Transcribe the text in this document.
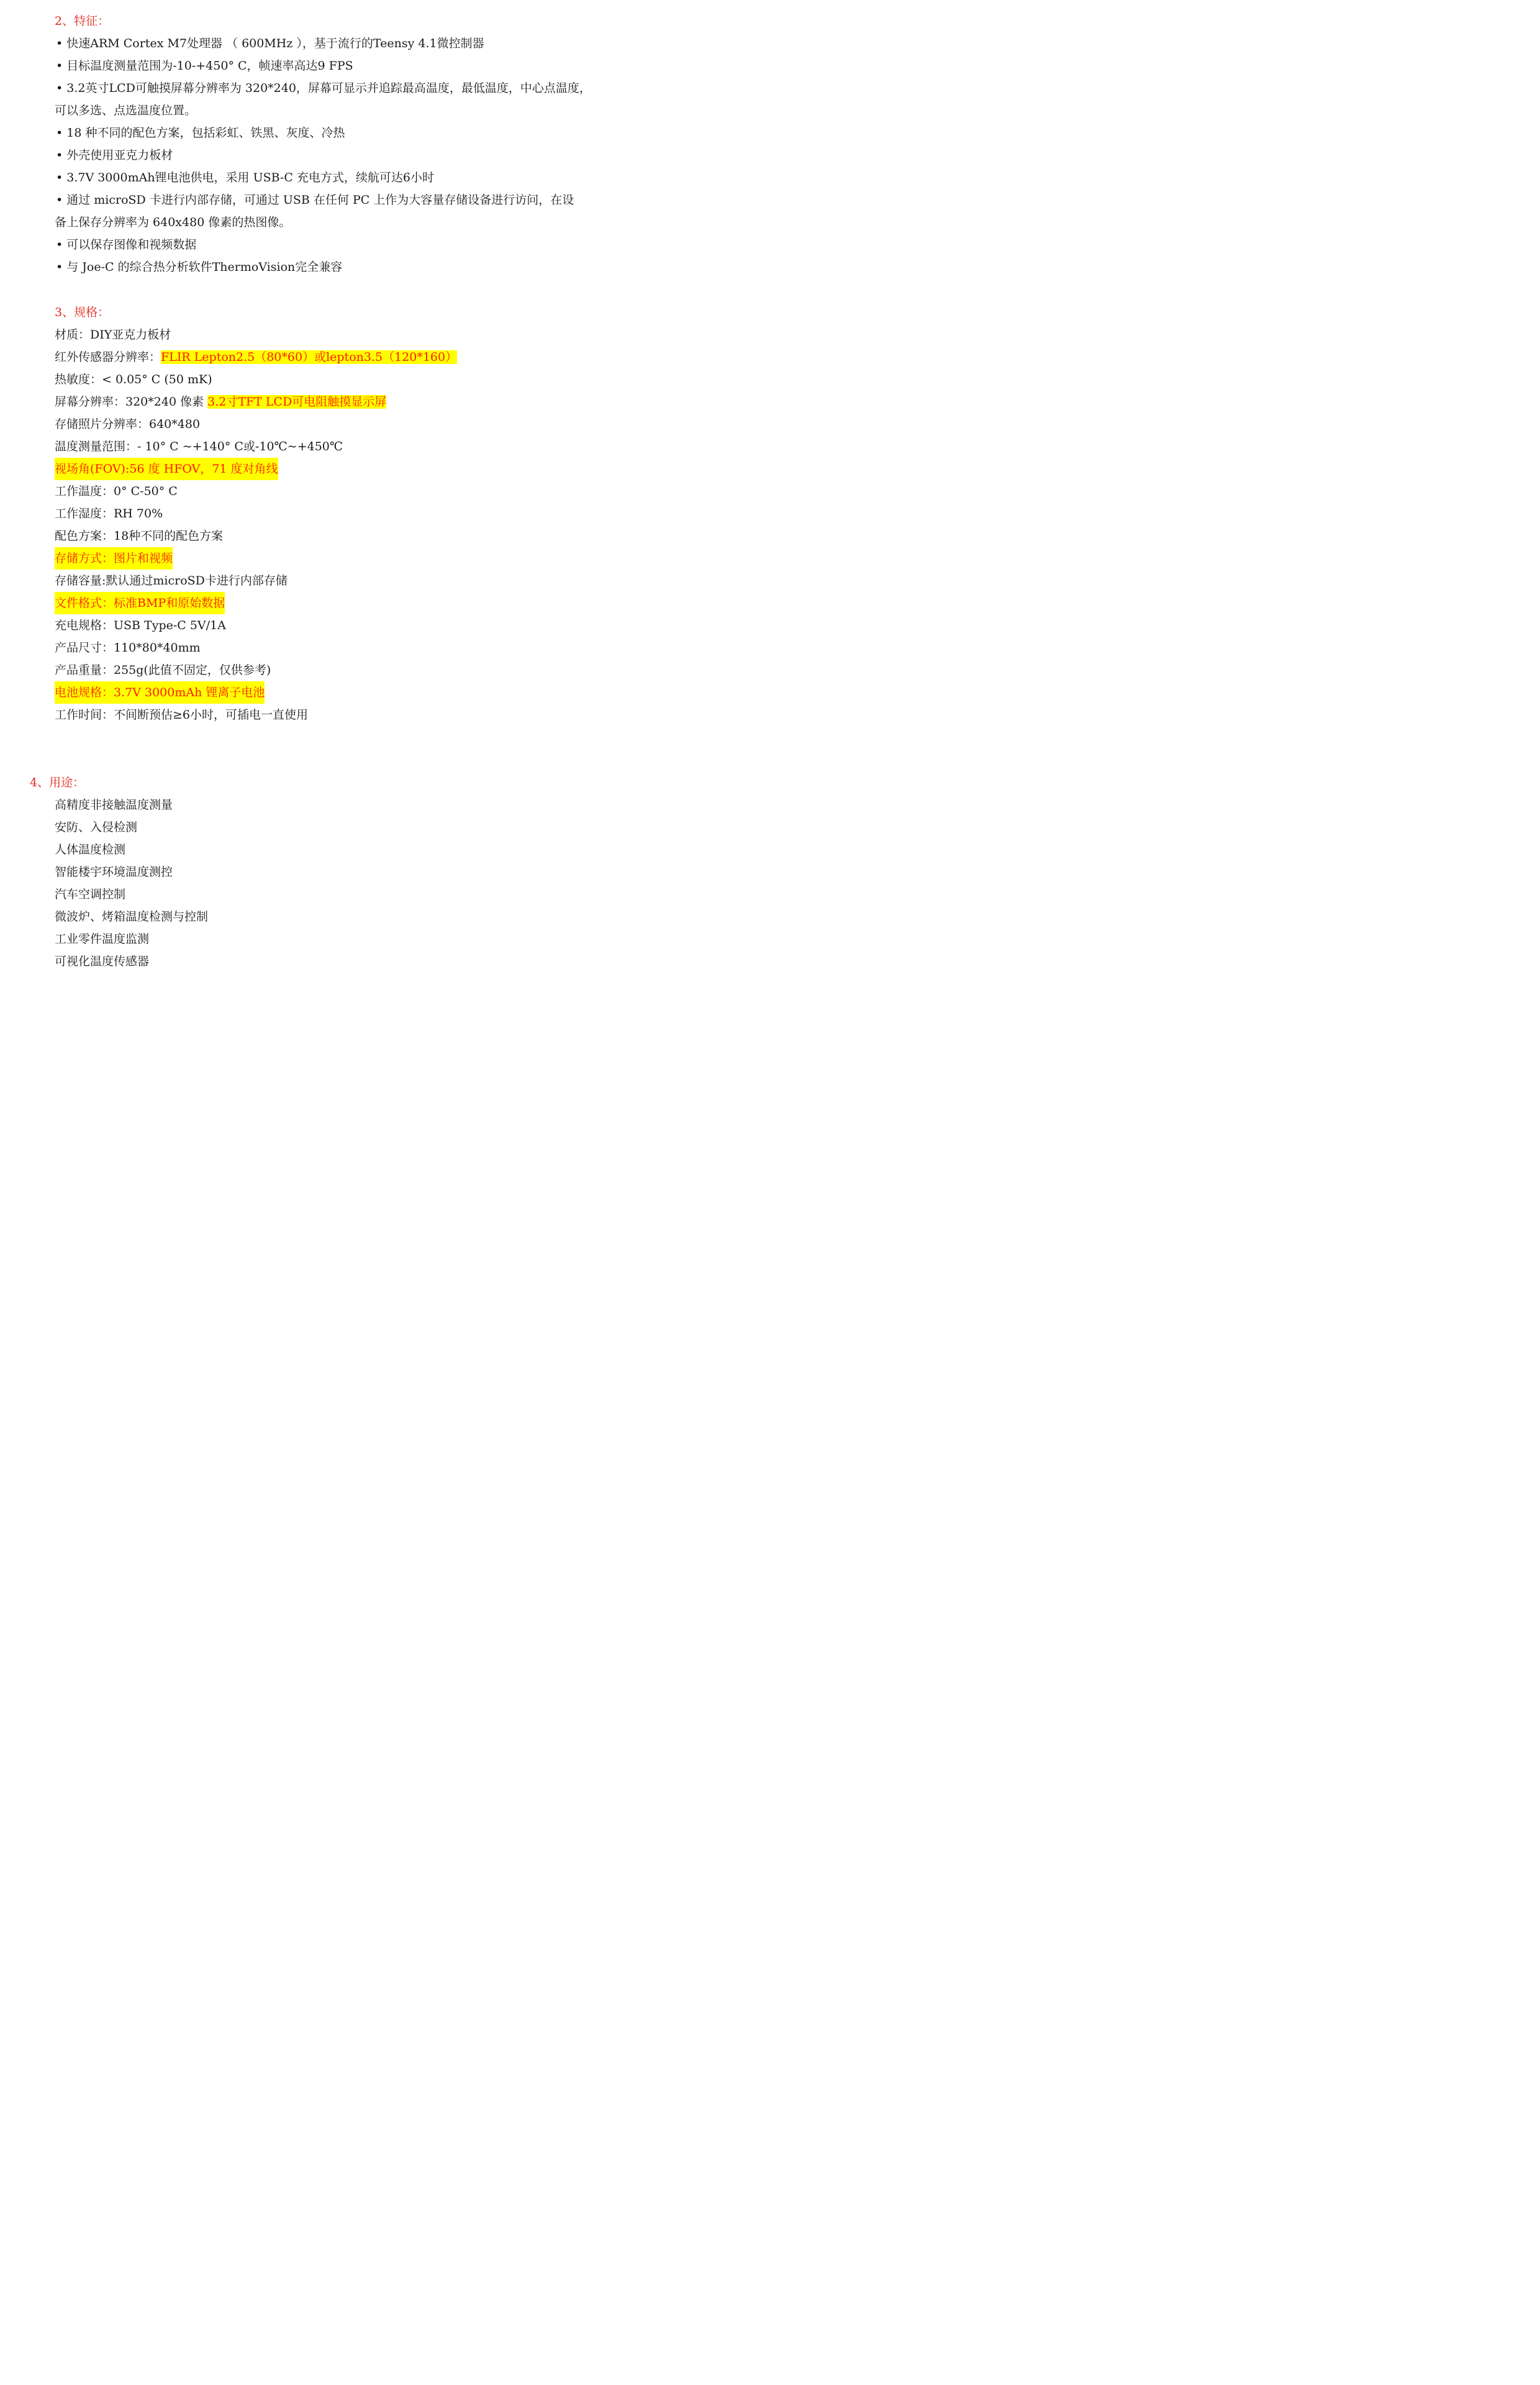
2、特征：
• 快速ARM Cortex M7处理器 （ 600MHz ），基于流行的Teensy 4.1微控制器
• 目标温度测量范围为-10-+450° C，帧速率高达9 FPS
• 3.2英寸LCD可触摸屏幕分辨率为 320*240，屏幕可显示并追踪最高温度，最低温度，中心点温度，
可以多选、点选温度位置。
• 18 种不同的配色方案，包括彩虹、铁黑、灰度、冷热
• 外壳使用亚克力板材
• 3.7V 3000mAh锂电池供电，采用 USB-C 充电方式，续航可达6小时
• 通过 microSD 卡进行内部存储，可通过 USB 在任何 PC 上作为大容量存储设备进行访问，在设
备上保存分辨率为 640x480 像素的热图像。
• 可以保存图像和视频数据
• 与 Joe-C 的综合热分析软件ThermoVision完全兼容
3、规格：
材质：DIY亚克力板材
红外传感器分辨率：FLIR Lepton2.5（80*60）或lepton3.5（120*160）
热敏度：< 0.05° C (50 mK)
屏幕分辨率：320*240 像素 3.2寸TFT LCD可电阻触摸显示屏
存储照片分辨率：640*480
温度测量范围：- 10° C ~+140° C或-10℃~+450℃
视场角(FOV):56 度 HFOV，71 度对角线
工作温度：0° C-50° C
工作湿度：RH 70%
配色方案：18种不同的配色方案
存储方式：图片和视频
存储容量:默认通过microSD卡进行内部存储
文件格式：标准BMP和原始数据
充电规格：USB Type-C 5V/1A
产品尺寸：110*80*40mm
产品重量：255g(此值不固定，仅供参考)
电池规格：3.7V 3000mAh 锂离子电池
工作时间：不间断预估≥6小时，可插电一直使用
4、用途：
高精度非接触温度测量
安防、入侵检测
人体温度检测
智能楼宇环境温度测控
汽车空调控制
微波炉、烤箱温度检测与控制
工业零件温度监测
可视化温度传感器
